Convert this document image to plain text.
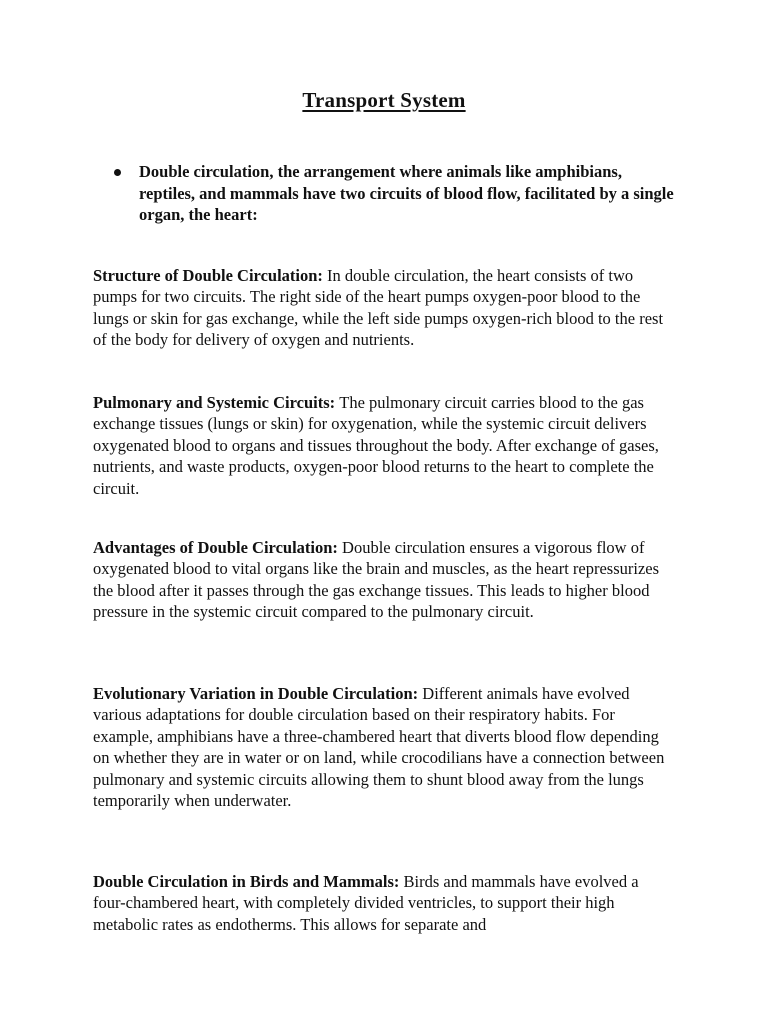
Transport System
Double circulation, the arrangement where animals like amphibians, reptiles, and mammals have two circuits of blood flow, facilitated by a single organ, the heart:
Structure of Double Circulation: In double circulation, the heart consists of two pumps for two circuits. The right side of the heart pumps oxygen-poor blood to the lungs or skin for gas exchange, while the left side pumps oxygen-rich blood to the rest of the body for delivery of oxygen and nutrients.
Pulmonary and Systemic Circuits: The pulmonary circuit carries blood to the gas exchange tissues (lungs or skin) for oxygenation, while the systemic circuit delivers oxygenated blood to organs and tissues throughout the body. After exchange of gases, nutrients, and waste products, oxygen-poor blood returns to the heart to complete the circuit.
Advantages of Double Circulation: Double circulation ensures a vigorous flow of oxygenated blood to vital organs like the brain and muscles, as the heart repressurizes the blood after it passes through the gas exchange tissues. This leads to higher blood pressure in the systemic circuit compared to the pulmonary circuit.
Evolutionary Variation in Double Circulation: Different animals have evolved various adaptations for double circulation based on their respiratory habits. For example, amphibians have a three-chambered heart that diverts blood flow depending on whether they are in water or on land, while crocodilians have a connection between pulmonary and systemic circuits allowing them to shunt blood away from the lungs temporarily when underwater.
Double Circulation in Birds and Mammals: Birds and mammals have evolved a four-chambered heart, with completely divided ventricles, to support their high metabolic rates as endotherms. This allows for separate and
